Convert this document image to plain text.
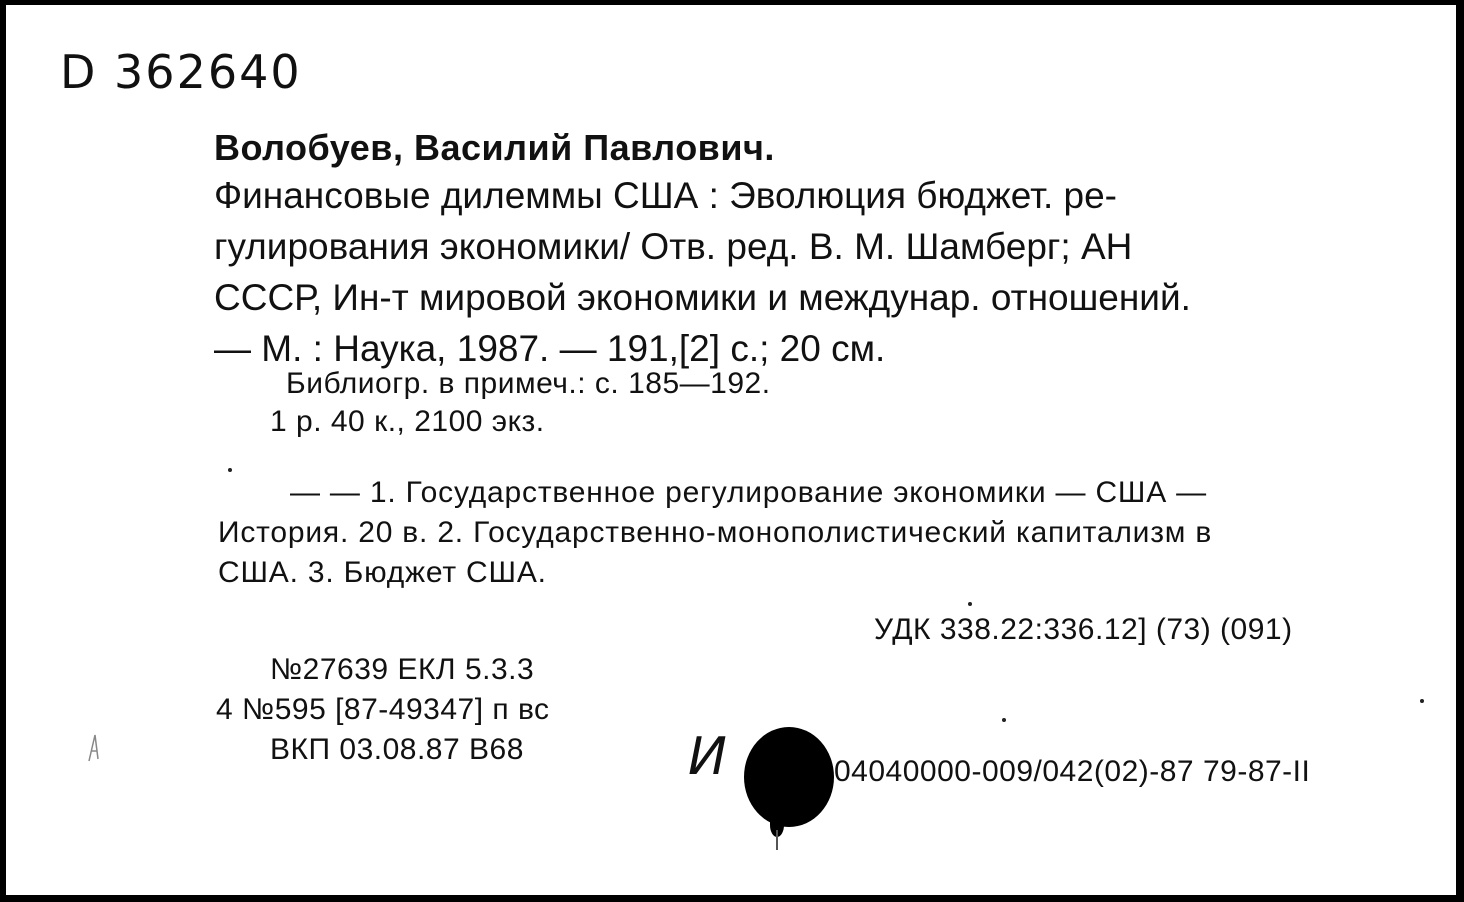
D 362640
Волобуев, Василий Павлович.
Финансовые дилеммы США : Эволюция бюджет. ре-
гулирования экономики/ Отв. ред. В. М. Шамберг; АН
СССР, Ин-т мировой экономики и междунар. отношений.
— М. : Наука, 1987. — 191,[2] с.; 20 см.
Библиогр. в примеч.: с. 185—192.
1 р. 40 к., 2100 экз.
— — 1. Государственное регулирование экономики — США —
История. 20 в. 2. Государственно-монополистический капитализм в
США. 3. Бюджет США.
УДК 338.22:336.12] (73) (091)
№27639 ЕКЛ 5.3.3
4 №595 [87-49347] п вс
ВКП 03.08.87 В68	И	04040000-009/042(02)-87 79-87-II
